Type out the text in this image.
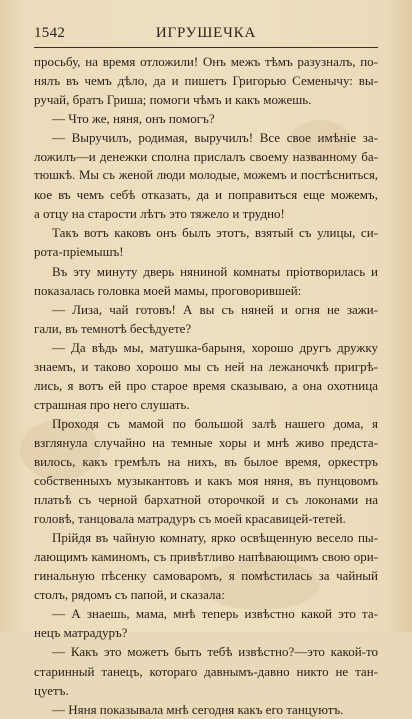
1542	ИГРУШЕЧКА
просьбу, на время отложили! Онъ межъ тѣмъ разузналъ, по-
нялъ въ чемъ дѣло, да и пишетъ Григорью Семенычу: вы-
ручай, братъ Гриша; помоги чѣмъ и какъ можешь.
— Что же, няня, онъ помогъ?
— Выручилъ, родимая, выручилъ! Все свое имѣніе за-
ложилъ—и денежки сполна прислалъ своему названному ба-
тюшкѣ. Мы съ женой люди молодые, можемъ и постѣсниться,
кое въ чемъ себѣ отказать, да и поправиться еще можемъ,
а отцу на старости лѣтъ это тяжело и трудно!
Такъ вотъ каковъ онъ былъ этотъ, взятый съ улицы, си-
рота-пріемышъ!
Въ эту минуту дверь няниной комнаты пріотворилась и
показалась головка моей мамы, проговорившей:
— Лиза, чай готовъ! А вы съ няней и огня не зажи-
гали, въ темнотѣ бесѣдуете?
— Да вѣдь мы, матушка-барыня, хорошо другъ дружку
знаемъ, и таково хорошо мы съ ней на лежаночкѣ пригрѣ-
лись, я вотъ ей про старое время сказываю, а она охотница
страшная про него слушать.
Проходя съ мамой по большой залѣ нашего дома, я
взглянула случайно на темные хоры и мнѣ живо предста-
вилось, какъ гремѣлъ на нихъ, въ былое время, оркестръ
собственныхъ музыкантовъ и какъ моя няня, въ пунцовомъ
платьѣ съ черной бархатной оторочкой и съ локонами на
головѣ, танцовала матрадуръ съ моей красавицей-тетей.
Прійдя въ чайную комнату, ярко освѣщенную весело пы-
лающимъ каминомъ, съ привѣтливо напѣвающимъ свою ори-
гинальную пѣсенку самоваромъ, я помѣстилась за чайный
столъ, рядомъ съ папой, и сказала:
— А знаешь, мама, мнѣ теперь извѣстно какой это та-
нецъ матрадуръ?
— Какъ это можетъ быть тебѣ извѣстно?—это какой-то
старинный танецъ, котораго давнымъ-давно никто не тан-
цуетъ.
— Няня показывала мнѣ сегодня какъ его танцуютъ.
